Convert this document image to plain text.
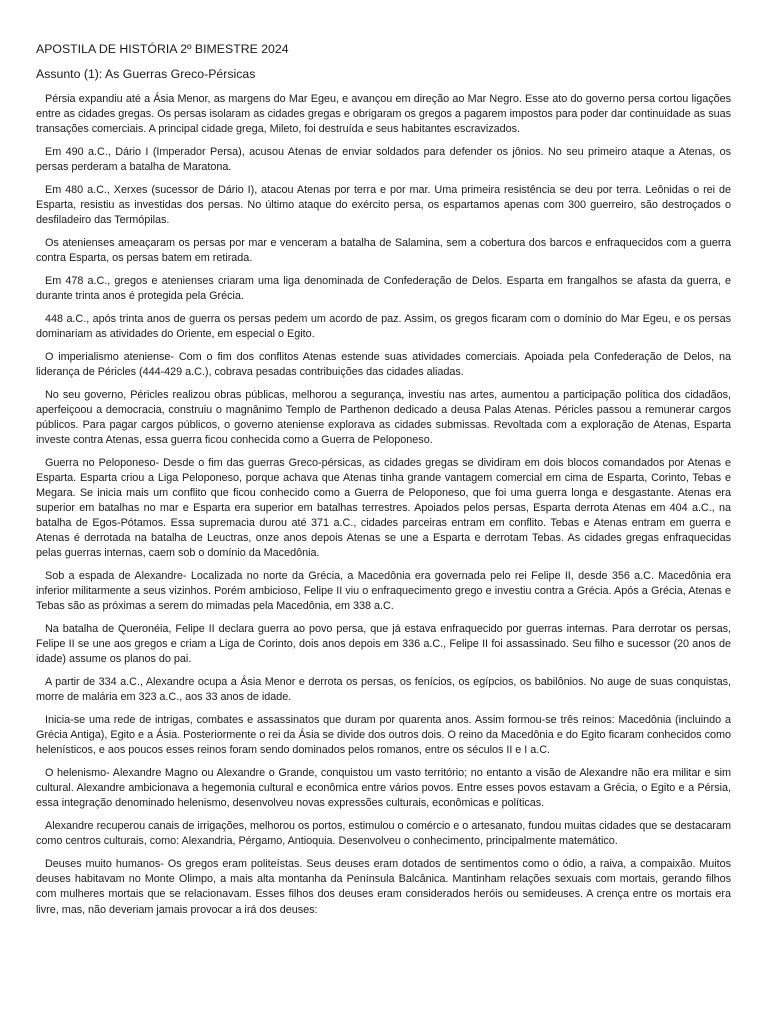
APOSTILA DE HISTÓRIA 2º BIMESTRE 2024
Assunto (1): As Guerras Greco-Pérsicas

Pérsia expandiu até a Ásia Menor, as margens do Mar Egeu, e avançou em direção ao Mar Negro. Esse ato do governo persa cortou ligações entre as cidades gregas. Os persas isolaram as cidades gregas e obrigaram os gregos a pagarem impostos para poder dar continuidade as suas transações comerciais. A principal cidade grega, Mileto, foi destruída e seus habitantes escravizados.

Em 490 a.C., Dário I (Imperador Persa), acusou Atenas de enviar soldados para defender os jônios. No seu primeiro ataque a Atenas, os persas perderam a batalha de Maratona.

Em 480 a.C., Xerxes (sucessor de Dário I), atacou Atenas por terra e por mar. Uma primeira resistência se deu por terra. Leônidas o rei de Esparta, resistiu as investidas dos persas. No último ataque do exército persa, os espartamos apenas com 300 guerreiro, são destroçados o desfiladeiro das Termópilas.

Os atenienses ameaçaram os persas por mar e venceram a batalha de Salamina, sem a cobertura dos barcos e enfraquecidos com a guerra contra Esparta, os persas batem em retirada.

Em 478 a.C., gregos e atenienses criaram uma liga denominada de Confederação de Delos. Esparta em frangalhos se afasta da guerra, e durante trinta anos é protegida pela Grécia.

448 a.C., após trinta anos de guerra os persas pedem um acordo de paz. Assim, os gregos ficaram com o domínio do Mar Egeu, e os persas dominariam as atividades do Oriente, em especial o Egito.

O imperialismo ateniense- Com o fim dos conflitos Atenas estende suas atividades comerciais. Apoiada pela Confederação de Delos, na liderança de Péricles (444-429 a.C.), cobrava pesadas contribuições das cidades aliadas.

No seu governo, Péricles realizou obras públicas, melhorou a segurança, investiu nas artes, aumentou a participação política dos cidadãos, aperfeiçoou a democracia, construiu o magnânimo Templo de Parthenon dedicado a deusa Palas Atenas. Péricles passou a remunerar cargos públicos. Para pagar cargos públicos, o governo ateniense explorava as cidades submissas. Revoltada com a exploração de Atenas, Esparta investe contra Atenas, essa guerra ficou conhecida como a Guerra de Peloponeso.

Guerra no Peloponeso- Desde o fim das guerras Greco-pérsicas, as cidades gregas se dividiram em dois blocos comandados por Atenas e Esparta. Esparta criou a Liga Peloponeso, porque achava que Atenas tinha grande vantagem comercial em cima de Esparta, Corinto, Tebas e Megara. Se inicia mais um conflito que ficou conhecido como a Guerra de Peloponeso, que foi uma guerra longa e desgastante. Atenas era superior em batalhas no mar e Esparta era superior em batalhas terrestres. Apoiados pelos persas, Esparta derrota Atenas em 404 a.C., na batalha de Egos-Pótamos. Essa supremacia durou até 371 a.C., cidades parceiras entram em conflito. Tebas e Atenas entram em guerra e Atenas é derrotada na batalha de Leuctras, onze anos depois Atenas se une a Esparta e derrotam Tebas. As cidades gregas enfraquecidas pelas guerras internas, caem sob o domínio da Macedônia.

Sob a espada de Alexandre- Localizada no norte da Grécia, a Macedônia era governada pelo rei Felipe II, desde 356 a.C. Macedônia era inferior militarmente a seus vizinhos. Porém ambicioso, Felipe II viu o enfraquecimento grego e investiu contra a Grécia. Após a Grécia, Atenas e Tebas são as próximas a serem do mimadas pela Macedônia, em 338 a.C.

Na batalha de Queronéia, Felipe II declara guerra ao povo persa, que já estava enfraquecido por guerras internas. Para derrotar os persas, Felipe II se une aos gregos e criam a Liga de Corinto, dois anos depois em 336 a.C., Felipe II foi assassinado. Seu filho e sucessor (20 anos de idade) assume os planos do pai.

A partir de 334 a.C., Alexandre ocupa a Ásia Menor e derrota os persas, os fenícios, os egípcios, os babilônios. No auge de suas conquistas, morre de malária em 323 a.C., aos 33 anos de idade.

Inicia-se uma rede de intrigas, combates e assassinatos que duram por quarenta anos. Assim formou-se três reinos: Macedônia (incluindo a Grécia Antiga), Egito e a Ásia. Posteriormente o rei da Ásia se divide dos outros dois. O reino da Macedônia e do Egito ficaram conhecidos como helenísticos, e aos poucos esses reinos foram sendo dominados pelos romanos, entre os séculos II e I a.C.

O helenismo- Alexandre Magno ou Alexandre o Grande, conquistou um vasto território; no entanto a visão de Alexandre não era militar e sim cultural. Alexandre ambicionava a hegemonia cultural e econômica entre vários povos. Entre esses povos estavam a Grécia, o Egito e a Pérsia, essa integração denominado helenismo, desenvolveu novas expressões culturais, econômicas e políticas.

Alexandre recuperou canais de irrigações, melhorou os portos, estimulou o comércio e o artesanato, fundou muitas cidades que se destacaram como centros culturais, como: Alexandria, Pérgamo, Antioquia. Desenvolveu o conhecimento, principalmente matemático.

Deuses muito humanos- Os gregos eram politeístas. Seus deuses eram dotados de sentimentos como o ódio, a raiva, a compaixão. Muitos deuses habitavam no Monte Olimpo, a mais alta montanha da Península Balcânica. Mantinham relações sexuais com mortais, gerando filhos com mulheres mortais que se relacionavam. Esses filhos dos deuses eram considerados heróis ou semideuses. A crença entre os mortais era livre, mas, não deveriam jamais provocar a irá dos deuses:
